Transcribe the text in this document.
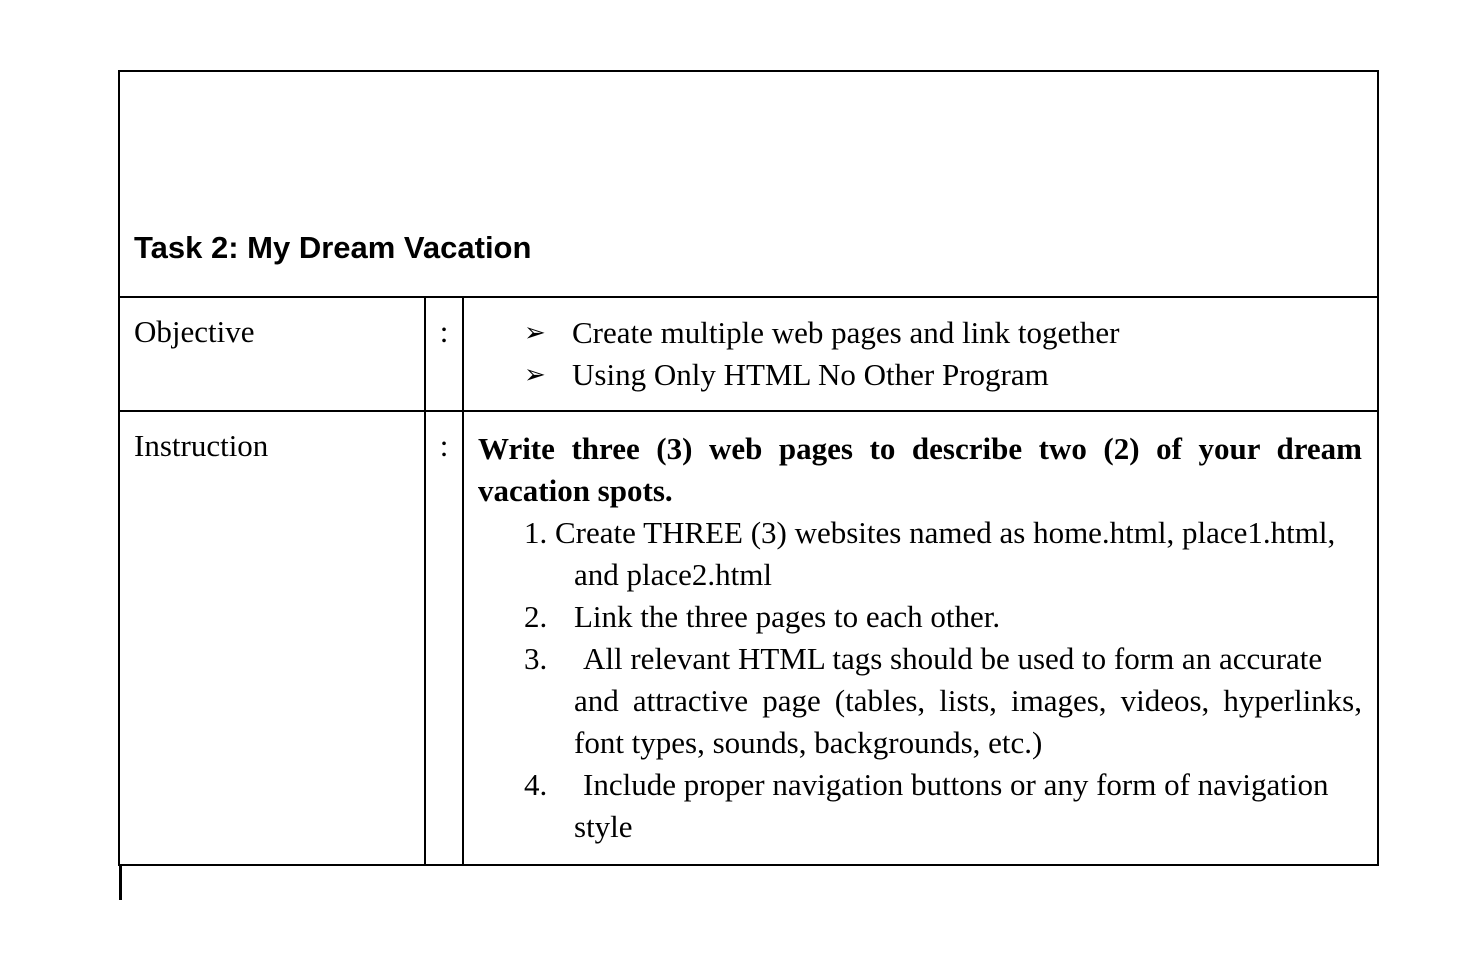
Task 2: My Dream Vacation
Objective	:	➢ Create multiple web pages and link together
➢ Using Only HTML No Other Program
Instruction	: Write three (3) web pages to describe two (2) of your dream vacation spots.
1. Create THREE (3) websites named as home.html, place1.html,
and place2.html
2. Link the three pages to each other.
3.	All relevant HTML tags should be used to form an accurate
and attractive page (tables, lists, images, videos, hyperlinks, font types, sounds, backgrounds, etc.)
4.	Include proper navigation buttons or any form of navigation
style
